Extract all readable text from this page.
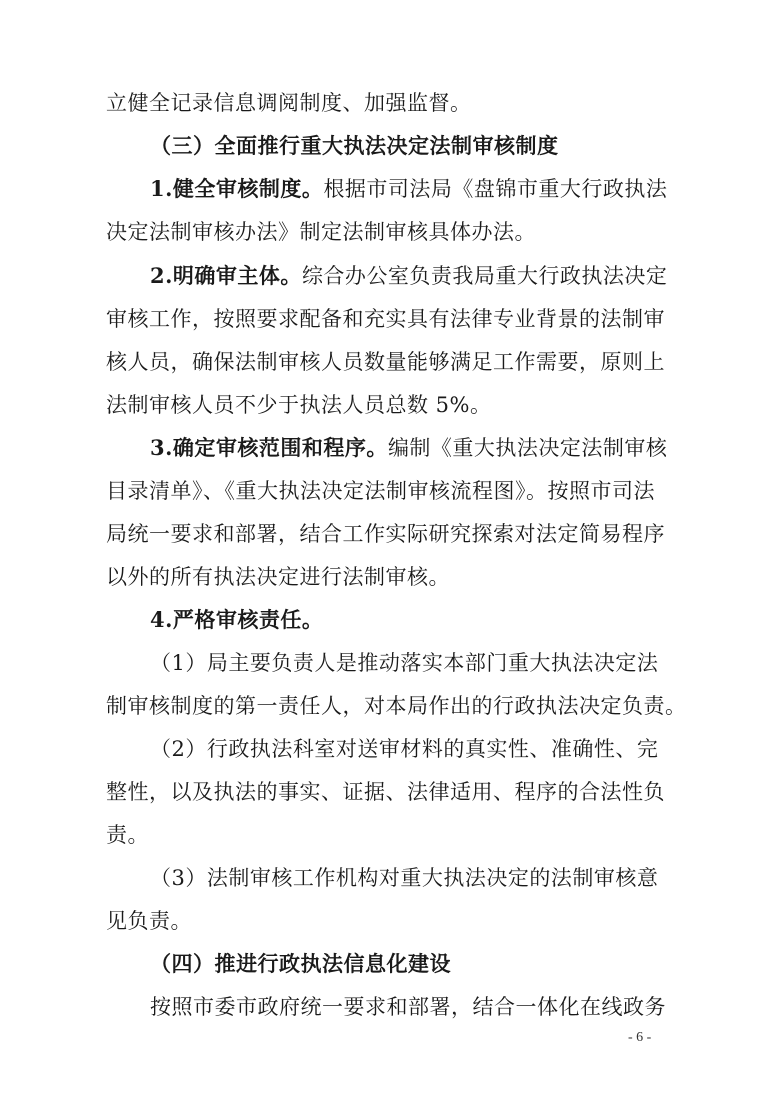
立健全记录信息调阅制度、加强监督。
（三）全面推行重大执法决定法制审核制度
1.健全审核制度。根据市司法局《盘锦市重大行政执法
决定法制审核办法》制定法制审核具体办法。
2.明确审主体。综合办公室负责我局重大行政执法决定
审核工作，按照要求配备和充实具有法律专业背景的法制审
核人员，确保法制审核人员数量能够满足工作需要，原则上
法制审核人员不少于执法人员总数 5%。
3.确定审核范围和程序。编制《重大执法决定法制审核
目录清单》、《重大执法决定法制审核流程图》。按照市司法
局统一要求和部署，结合工作实际研究探索对法定简易程序
以外的所有执法决定进行法制审核。
4.严格审核责任。
（1）局主要负责人是推动落实本部门重大执法决定法
制审核制度的第一责任人，对本局作出的行政执法决定负责。
（2）行政执法科室对送审材料的真实性、准确性、完
整性，以及执法的事实、证据、法律适用、程序的合法性负
责。
（3）法制审核工作机构对重大执法决定的法制审核意
见负责。
（四）推进行政执法信息化建设
按照市委市政府统一要求和部署，结合一体化在线政务
- 6 -
